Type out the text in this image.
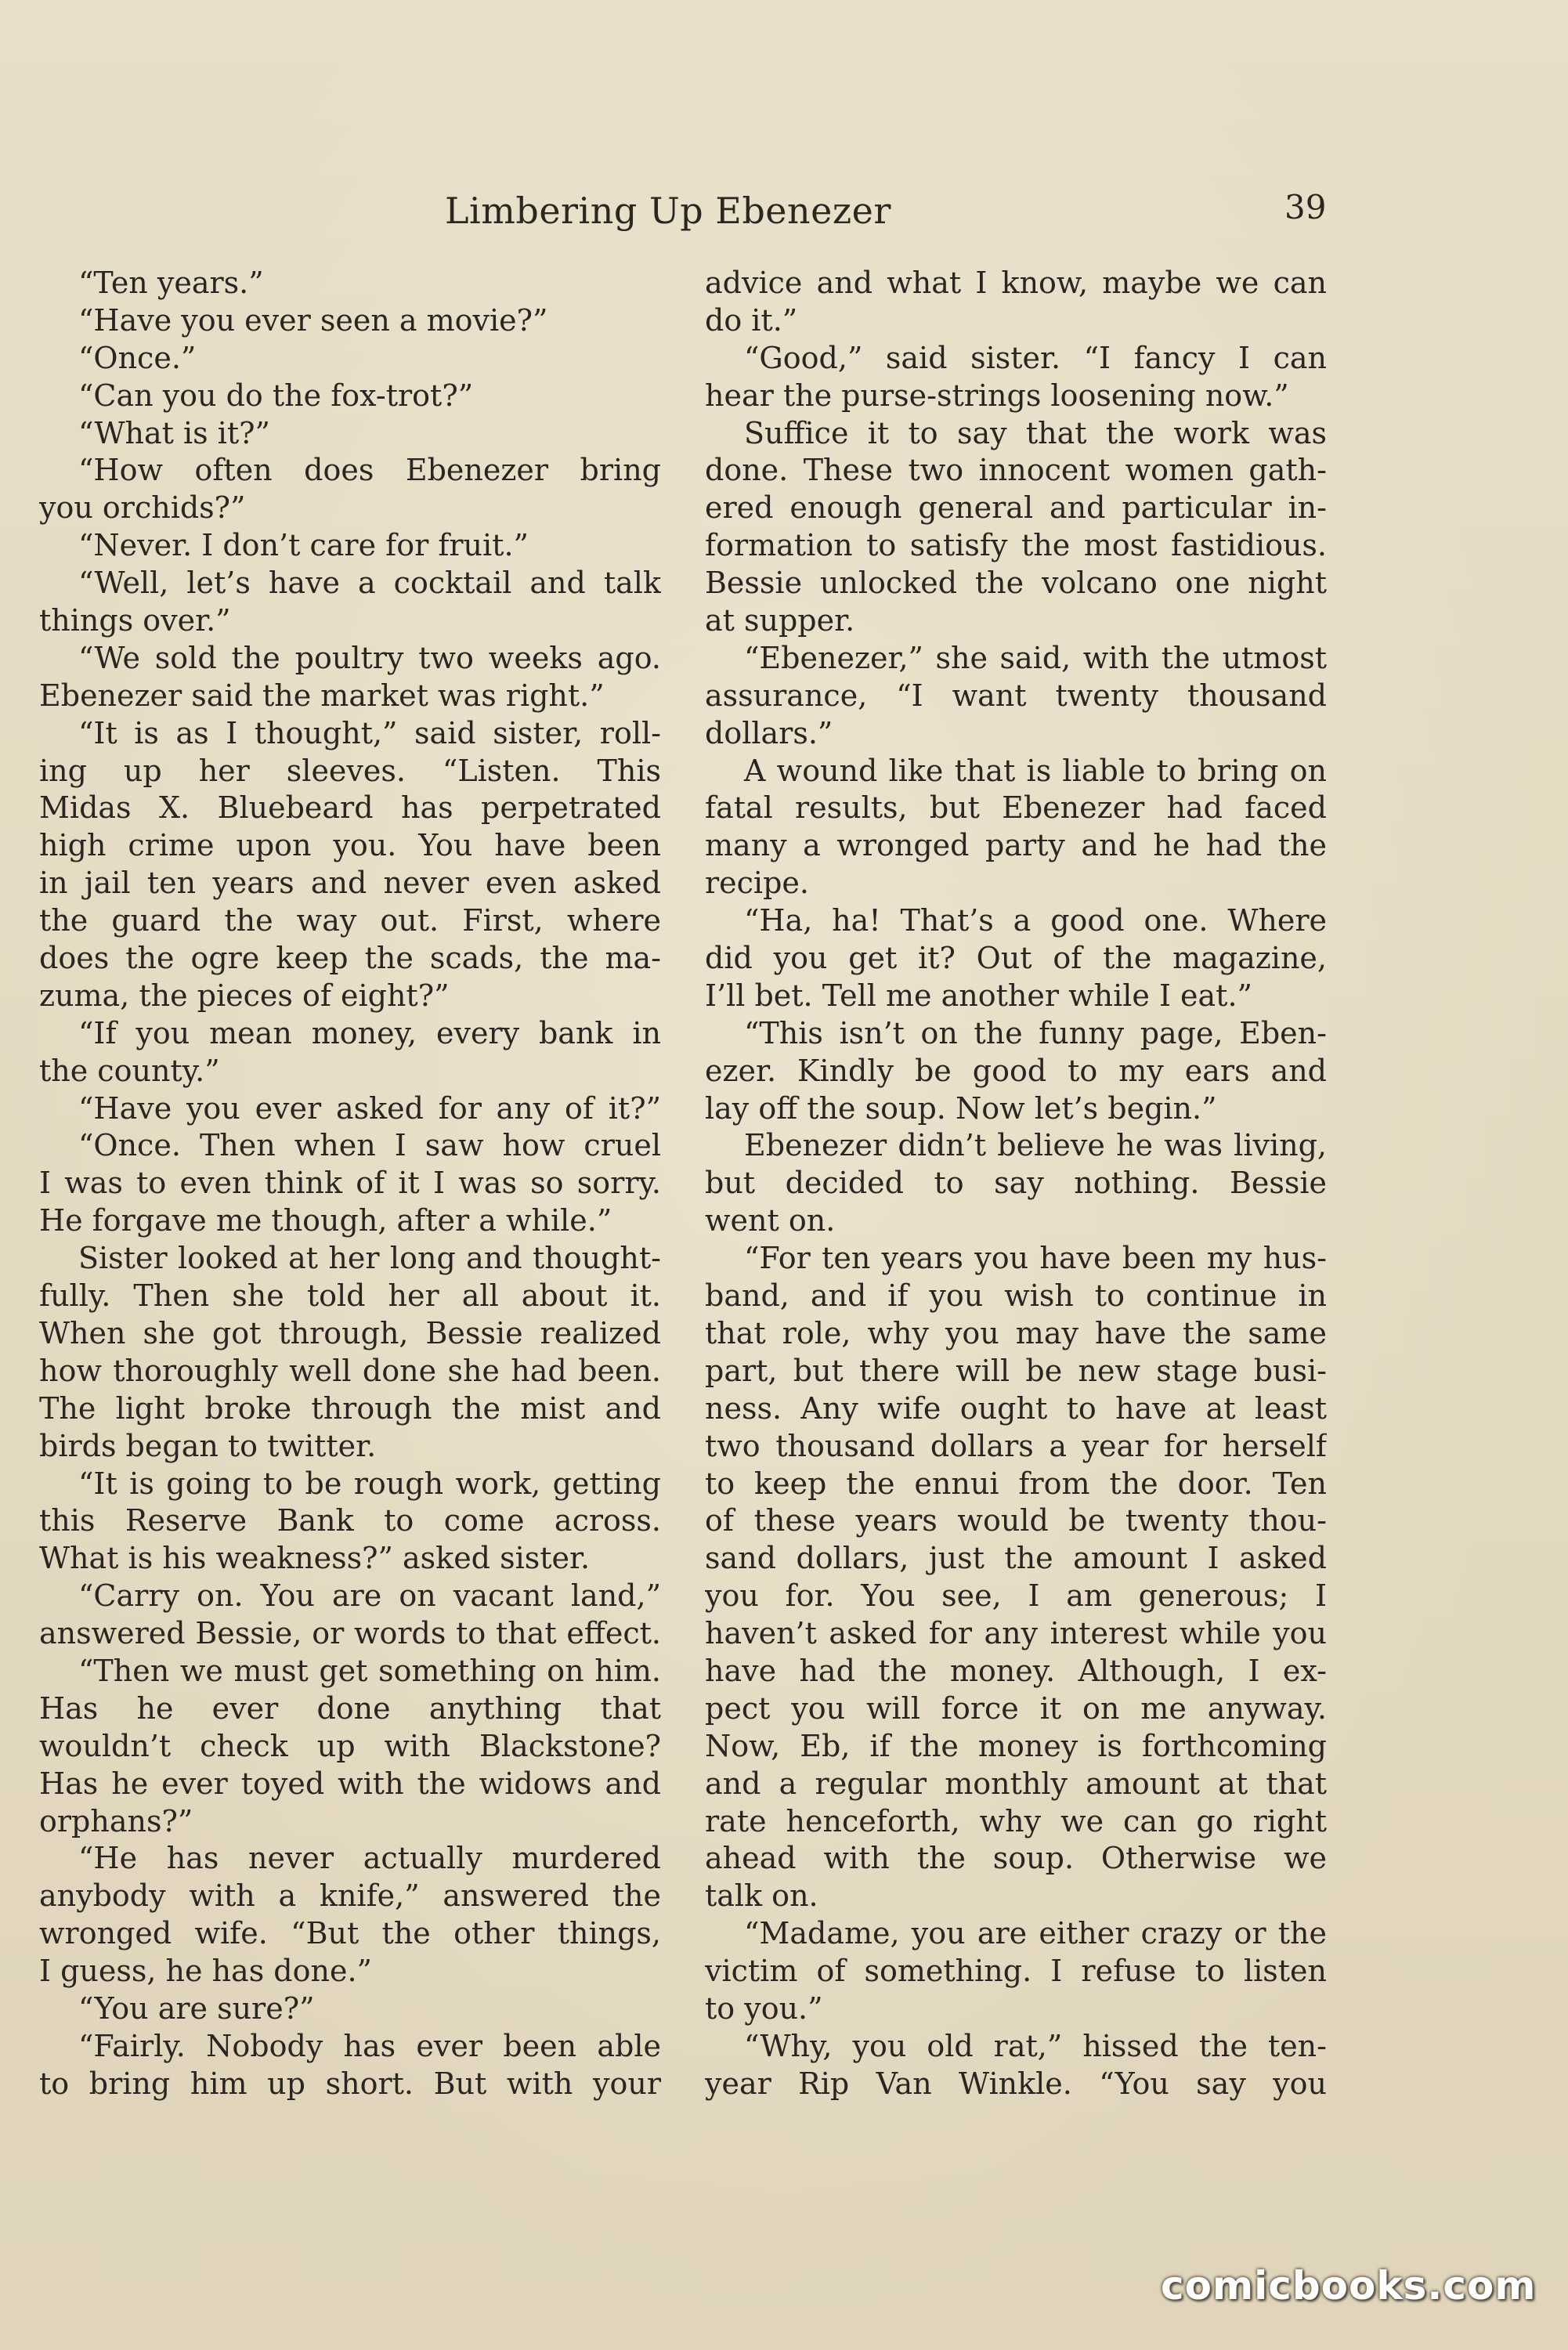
Limbering Up Ebenezer	39
“Ten years.”
“Have you ever seen a movie?”
“Once.”
“Can you do the fox-trot?”
“What is it?”
“How often does Ebenezer bring
you orchids?”
“Never. I don’t care for fruit.”
“Well, let’s have a cocktail and talk
things over.”
“We sold the poultry two weeks ago.
Ebenezer said the market was right.”
“It is as I thought,” said sister, roll-
ing up her sleeves. “Listen. This
Midas X. Bluebeard has perpetrated
high crime upon you. You have been
in jail ten years and never even asked
the guard the way out. First, where
does the ogre keep the scads, the ma-
zuma, the pieces of eight?”
“If you mean money, every bank in
the county.”
“Have you ever asked for any of it?”
“Once. Then when I saw how cruel
I was to even think of it I was so sorry.
He forgave me though, after a while.”
Sister looked at her long and thought-
fully. Then she told her all about it.
When she got through, Bessie realized
how thoroughly well done she had been.
The light broke through the mist and
birds began to twitter.
“It is going to be rough work, getting
this Reserve Bank to come across.
What is his weakness?” asked sister.
“Carry on. You are on vacant land,”
answered Bessie, or words to that effect.
“Then we must get something on him.
Has he ever done anything that
wouldn’t check up with Blackstone?
Has he ever toyed with the widows and
orphans?”
“He has never actually murdered
anybody with a knife,” answered the
wronged wife. “But the other things,
I guess, he has done.”
“You are sure?”
“Fairly. Nobody has ever been able
to bring him up short. But with your
advice and what I know, maybe we can
do it.”
“Good,” said sister. “I fancy I can
hear the purse-strings loosening now.”
Suffice it to say that the work was
done. These two innocent women gath-
ered enough general and particular in-
formation to satisfy the most fastidious.
Bessie unlocked the volcano one night
at supper.
“Ebenezer,” she said, with the utmost
assurance, “I want twenty thousand
dollars.”
A wound like that is liable to bring on
fatal results, but Ebenezer had faced
many a wronged party and he had the
recipe.
“Ha, ha! That’s a good one. Where
did you get it? Out of the magazine,
I’ll bet. Tell me another while I eat.”
“This isn’t on the funny page, Eben-
ezer. Kindly be good to my ears and
lay off the soup. Now let’s begin.”
Ebenezer didn’t believe he was living,
but decided to say nothing. Bessie
went on.
“For ten years you have been my hus-
band, and if you wish to continue in
that role, why you may have the same
part, but there will be new stage busi-
ness. Any wife ought to have at least
two thousand dollars a year for herself
to keep the ennui from the door. Ten
of these years would be twenty thou-
sand dollars, just the amount I asked
you for. You see, I am generous; I
haven’t asked for any interest while you
have had the money. Although, I ex-
pect you will force it on me anyway.
Now, Eb, if the money is forthcoming
and a regular monthly amount at that
rate henceforth, why we can go right
ahead with the soup. Otherwise we
talk on.
“Madame, you are either crazy or the
victim of something. I refuse to listen
to you.”
“Why, you old rat,” hissed the ten-
year Rip Van Winkle. “You say you
comicbooks.com
